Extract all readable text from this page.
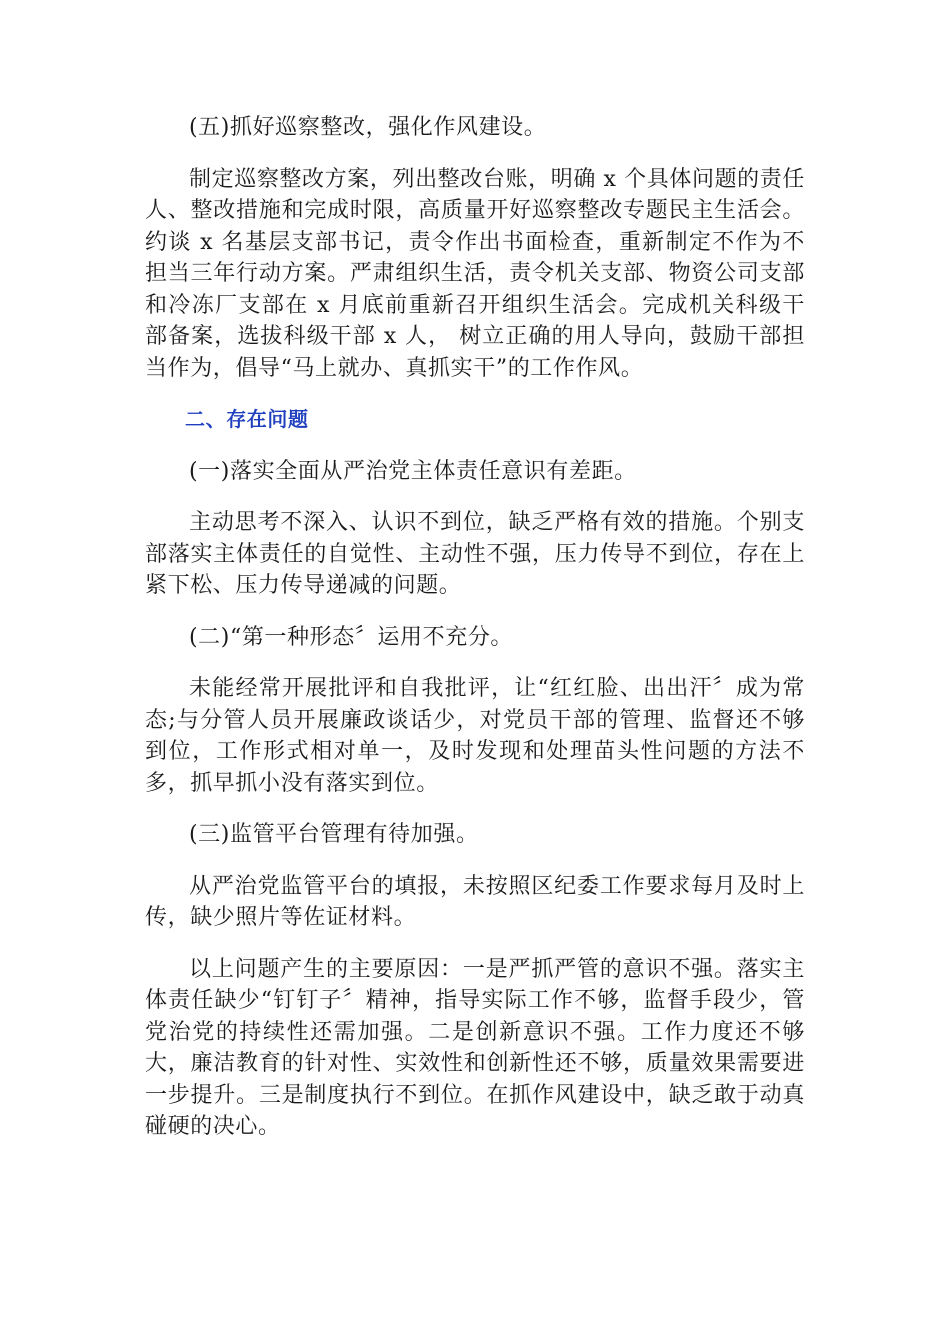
(五)抓好巡察整改，强化作风建设。

制定巡察整改方案，列出整改台账，明确 x 个具体问题的责任人、整改措施和完成时限，高质量开好巡察整改专题民主生活会。约谈 x 名基层支部书记，责令作出书面检查，重新制定不作为不担当三年行动方案。严肃组织生活，责令机关支部、物资公司支部和冷冻厂支部在 x 月底前重新召开组织生活会。完成机关科级干部备案，选拔科级干部 x 人， 树立正确的用人导向，鼓励干部担当作为，倡导“马上就办、真抓实干”的工作作风。

二、存在问题

(一)落实全面从严治党主体责任意识有差距。

主动思考不深入、认识不到位，缺乏严格有效的措施。个别支部落实主体责任的自觉性、主动性不强，压力传导不到位，存在上紧下松、压力传导递减的问题。

(二)“第一种形态〞运用不充分。

未能经常开展批评和自我批评，让“红红脸、出出汗〞成为常态;与分管人员开展廉政谈话少，对党员干部的管理、监督还不够到位，工作形式相对单一，及时发现和处理苗头性问题的方法不多，抓早抓小没有落实到位。

(三)监管平台管理有待加强。

从严治党监管平台的填报，未按照区纪委工作要求每月及时上传，缺少照片等佐证材料。

以上问题产生的主要原因：一是严抓严管的意识不强。落实主体责任缺少“钉钉子〞精神，指导实际工作不够，监督手段少，管党治党的持续性还需加强。二是创新意识不强。工作力度还不够大，廉洁教育的针对性、实效性和创新性还不够，质量效果需要进一步提升。三是制度执行不到位。在抓作风建设中，缺乏敢于动真碰硬的决心。
